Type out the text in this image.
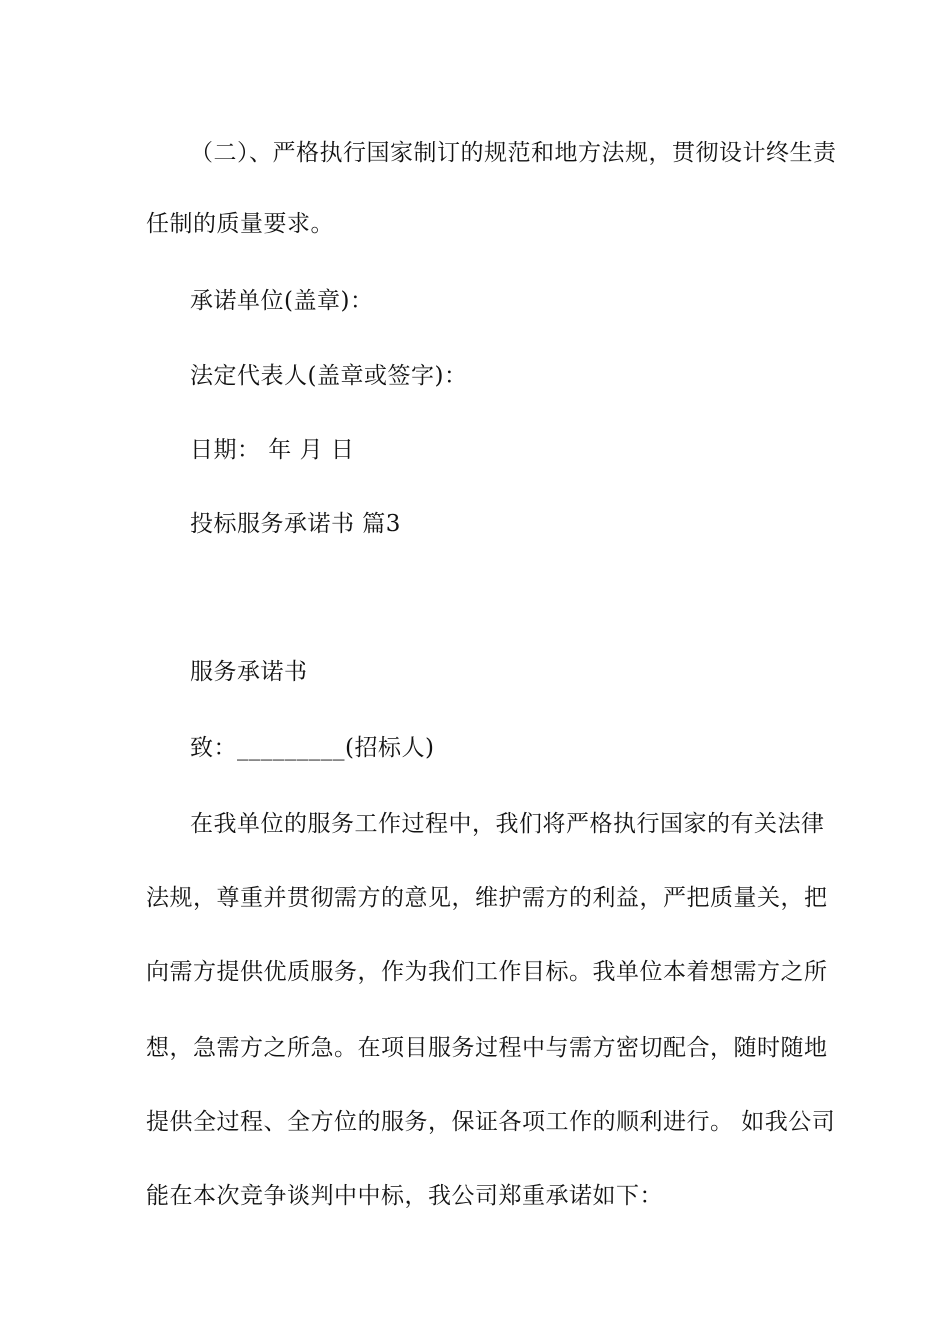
（二）、严格执行国家制订的规范和地方法规，贯彻设计终生责
任制的质量要求。
承诺单位(盖章)：
法定代表人(盖章或签字)：
日期： 年 月 日
投标服务承诺书 篇3
服务承诺书
致：_________(招标人)
在我单位的服务工作过程中，我们将严格执行国家的有关法律
法规，尊重并贯彻需方的意见，维护需方的利益，严把质量关，把
向需方提供优质服务，作为我们工作目标。我单位本着想需方之所
想，急需方之所急。在项目服务过程中与需方密切配合，随时随地
提供全过程、全方位的服务，保证各项工作的顺利进行。 如我公司
能在本次竞争谈判中中标，我公司郑重承诺如下：
